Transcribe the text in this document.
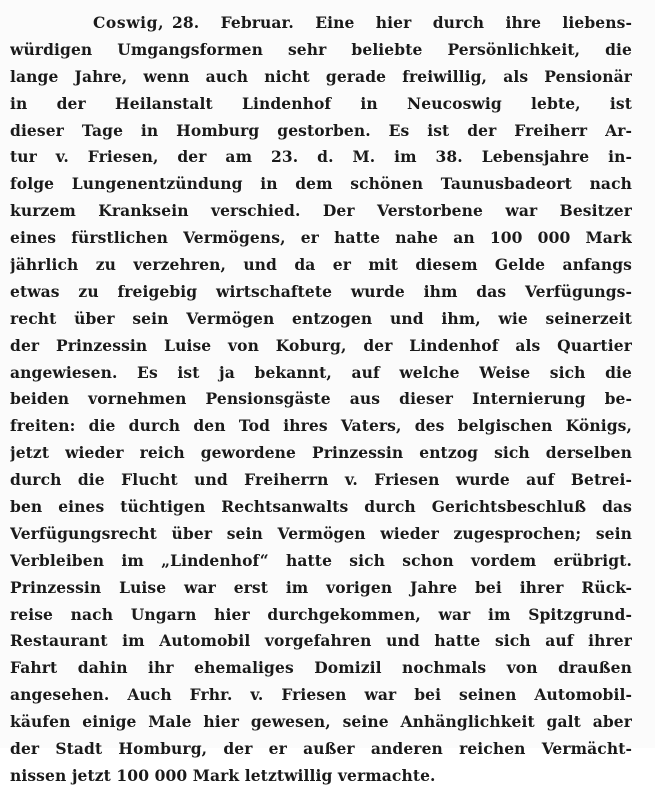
Coswig, 28. Februar. Eine hier durch ihre liebens-
würdigen Umgangsformen sehr beliebte Persönlichkeit, die
lange Jahre, wenn auch nicht gerade freiwillig, als Pensionär
in der Heilanstalt Lindenhof in Neucoswig lebte, ist
dieser Tage in Homburg gestorben. Es ist der Freiherr Ar-
tur v. Friesen, der am 23. d. M. im 38. Lebensjahre in-
folge Lungenentzündung in dem schönen Taunusbadeort nach
kurzem Kranksein verschied. Der Verstorbene war Besitzer
eines fürstlichen Vermögens, er hatte nahe an 100 000 Mark
jährlich zu verzehren, und da er mit diesem Gelde anfangs
etwas zu freigebig wirtschaftete wurde ihm das Verfügungs-
recht über sein Vermögen entzogen und ihm, wie seinerzeit
der Prinzessin Luise von Koburg, der Lindenhof als Quartier
angewiesen. Es ist ja bekannt, auf welche Weise sich die
beiden vornehmen Pensionsgäste aus dieser Internierung be-
freiten: die durch den Tod ihres Vaters, des belgischen Königs,
jetzt wieder reich gewordene Prinzessin entzog sich derselben
durch die Flucht und Freiherrn v. Friesen wurde auf Betrei-
ben eines tüchtigen Rechtsanwalts durch Gerichtsbeschluß das
Verfügungsrecht über sein Vermögen wieder zugesprochen; sein
Verbleiben im „Lindenhof“ hatte sich schon vordem erübrigt.
Prinzessin Luise war erst im vorigen Jahre bei ihrer Rück-
reise nach Ungarn hier durchgekommen, war im Spitzgrund-
Restaurant im Automobil vorgefahren und hatte sich auf ihrer
Fahrt dahin ihr ehemaliges Domizil nochmals von draußen
angesehen. Auch Frhr. v. Friesen war bei seinen Automobil-
käufen einige Male hier gewesen, seine Anhänglichkeit galt aber
der Stadt Homburg, der er außer anderen reichen Vermächt-
nissen jetzt 100 000 Mark letztwillig vermachte.
